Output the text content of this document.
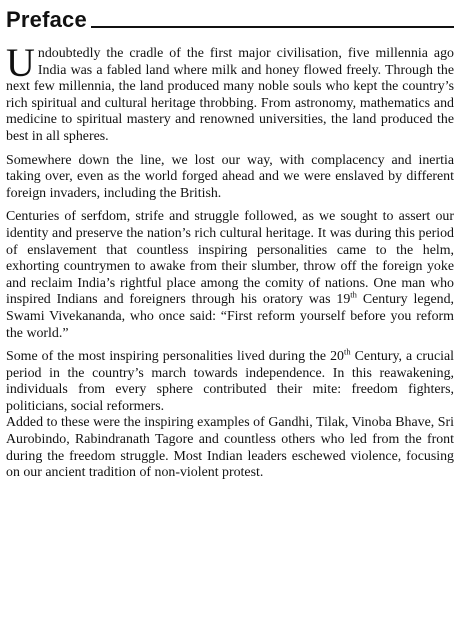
Preface

Undoubtedly the cradle of the first major civilisation, five millennia ago India was a fabled land where milk and honey flowed freely. Through the next few millennia, the land produced many noble souls who kept the country’s rich spiritual and cultural heritage throbbing. From astronomy, mathematics and medicine to spiritual mastery and renowned universities, the land produced the best in all spheres.

Somewhere down the line, we lost our way, with complacency and inertia taking over, even as the world forged ahead and we were enslaved by different foreign invaders, including the British.

Centuries of serfdom, strife and struggle followed, as we sought to assert our identity and preserve the nation’s rich cultural heritage. It was during this period of enslavement that countless inspiring personalities came to the helm, exhorting countrymen to awake from their slumber, throw off the foreign yoke and reclaim India’s rightful place among the comity of nations. One man who inspired Indians and foreigners through his oratory was 19th Century legend, Swami Vivekananda, who once said: “First reform yourself before you reform the world.”

Some of the most inspiring personalities lived during the 20th Century, a crucial period in the country’s march towards independence. In this reawakening, individuals from every sphere contributed their mite: freedom fighters, politicians, social reformers.

Added to these were the inspiring examples of Gandhi, Tilak, Vinoba Bhave, Sri Aurobindo, Rabindranath Tagore and countless others who led from the front during the freedom struggle. Most Indian leaders eschewed violence, focusing on our ancient tradition of non-violent protest.
